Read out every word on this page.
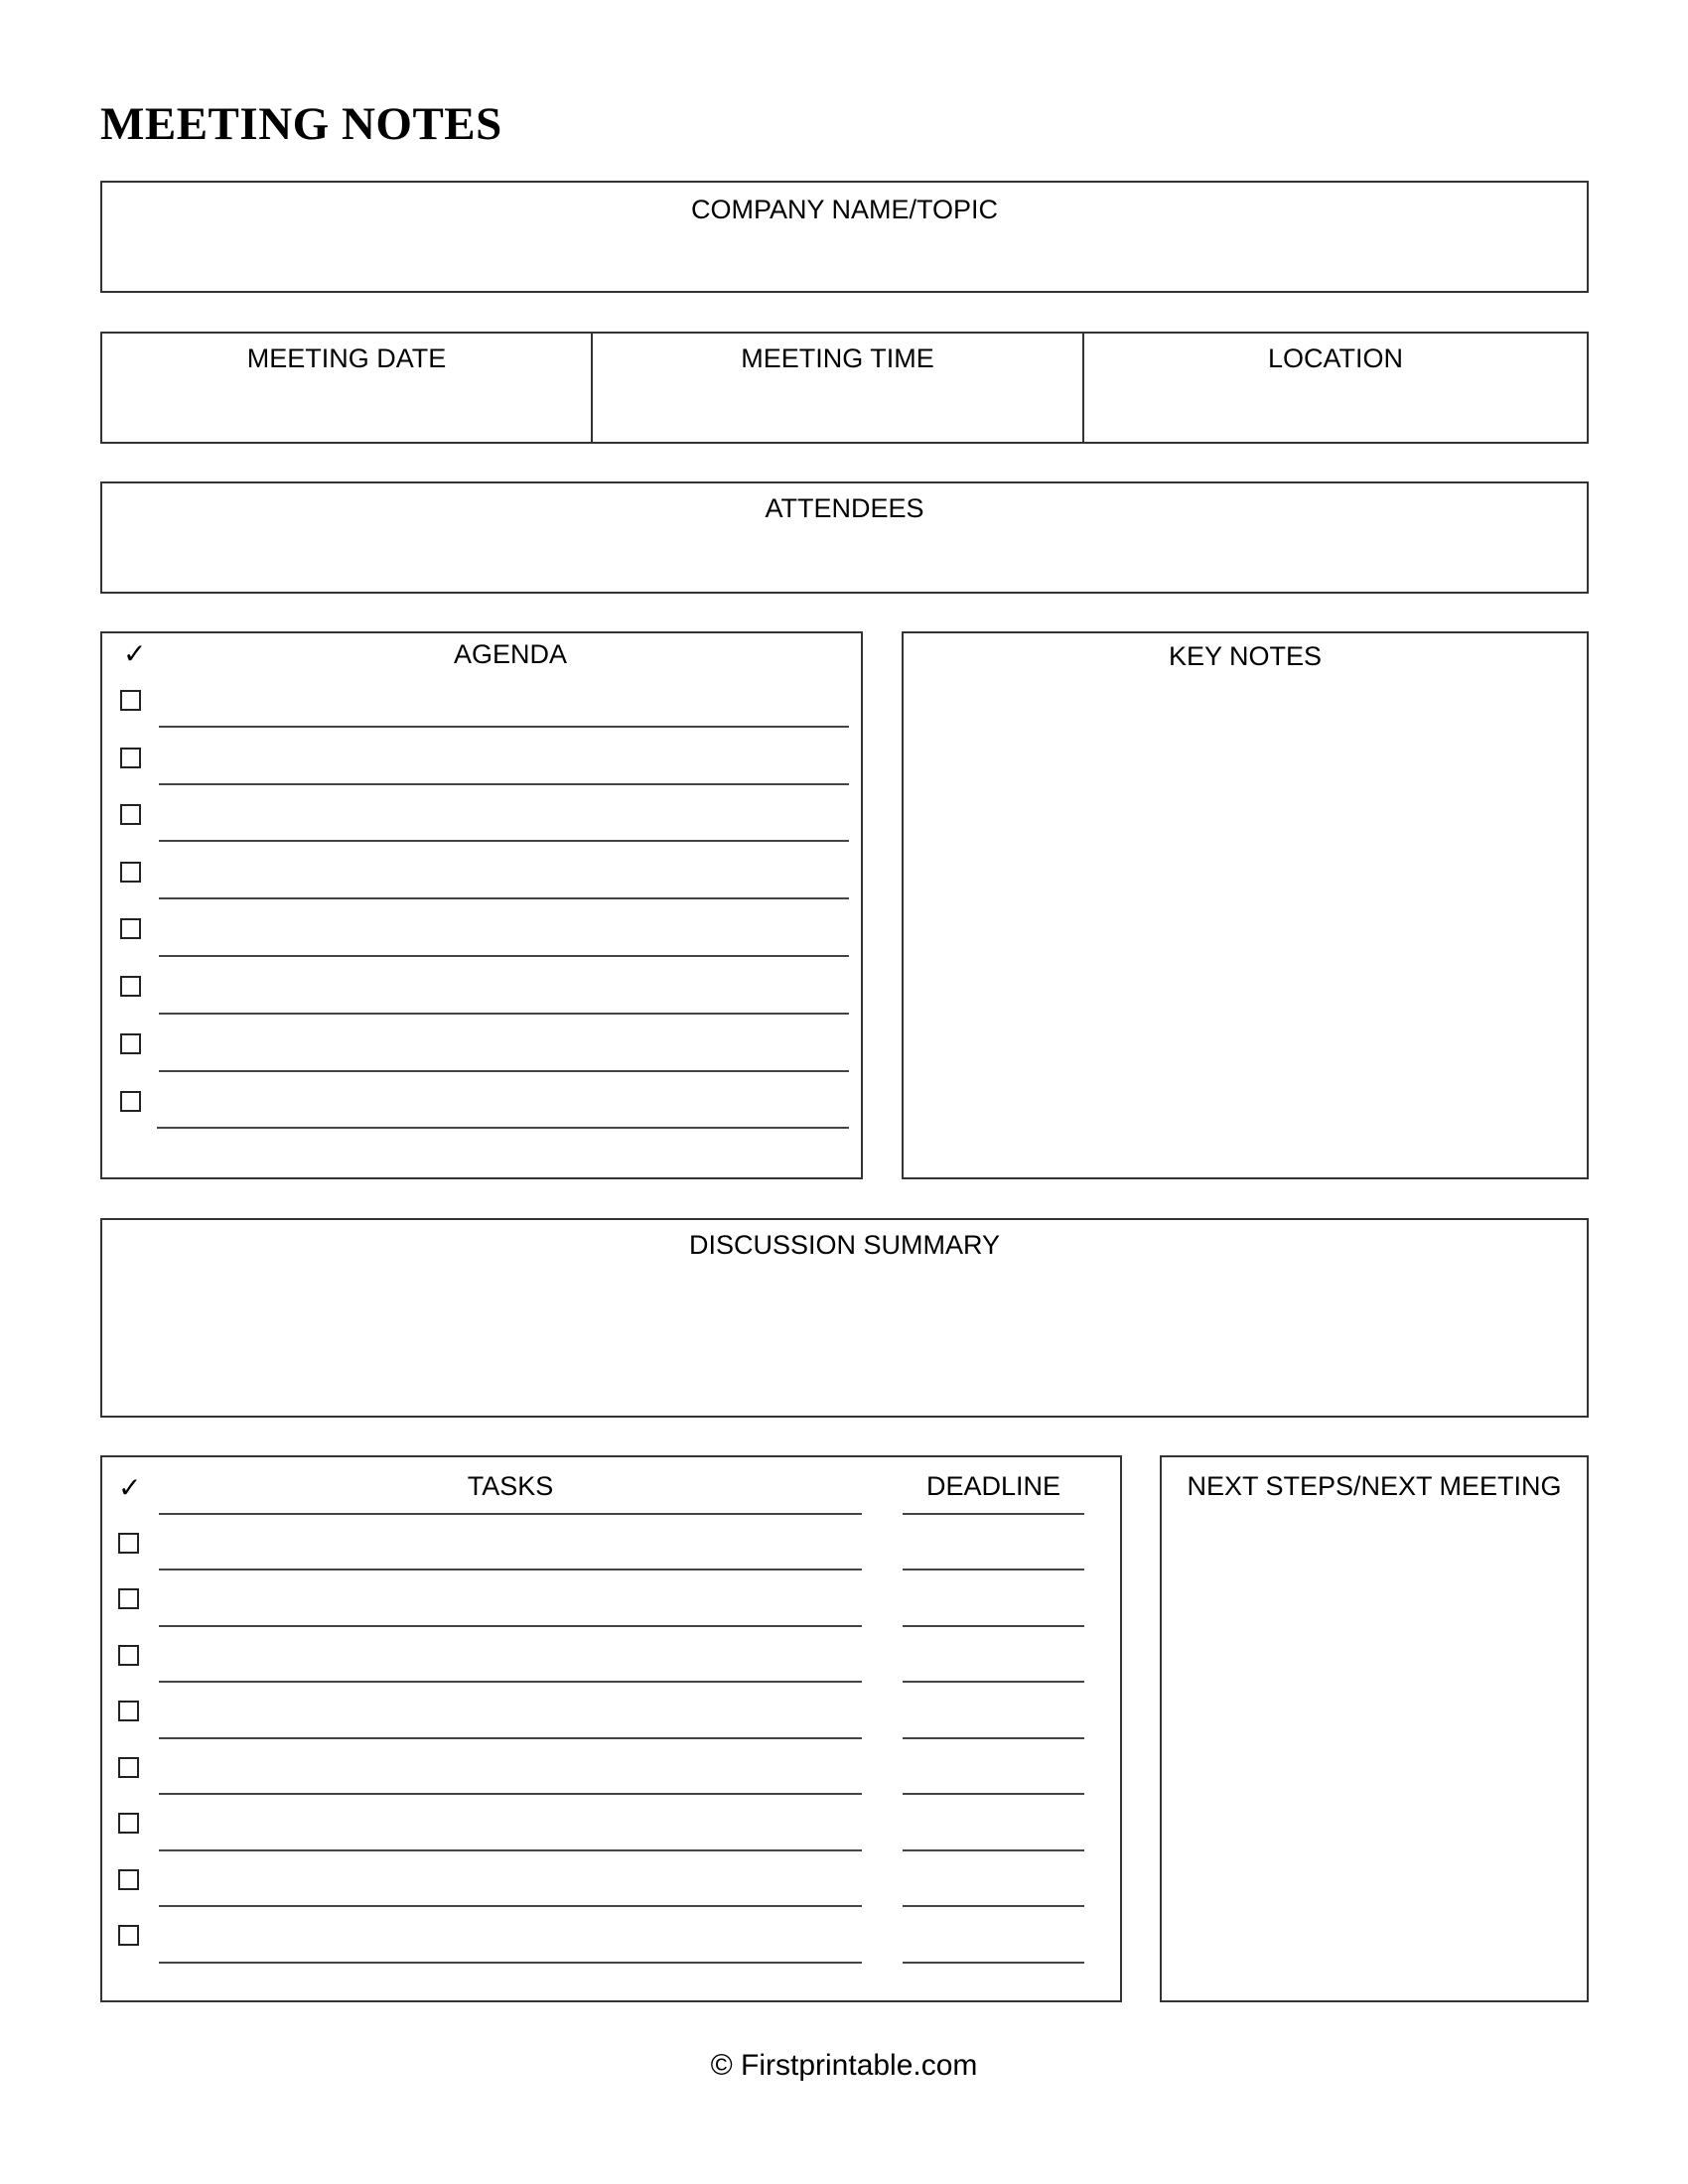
MEETING NOTES
COMPANY NAME/TOPIC
MEETING DATE	MEETING TIME	LOCATION
ATTENDEES
✓	AGENDA	KEY NOTES
DISCUSSION SUMMARY
✓	TASKS	DEADLINE	NEXT STEPS/NEXT MEETING
© Firstprintable.com
